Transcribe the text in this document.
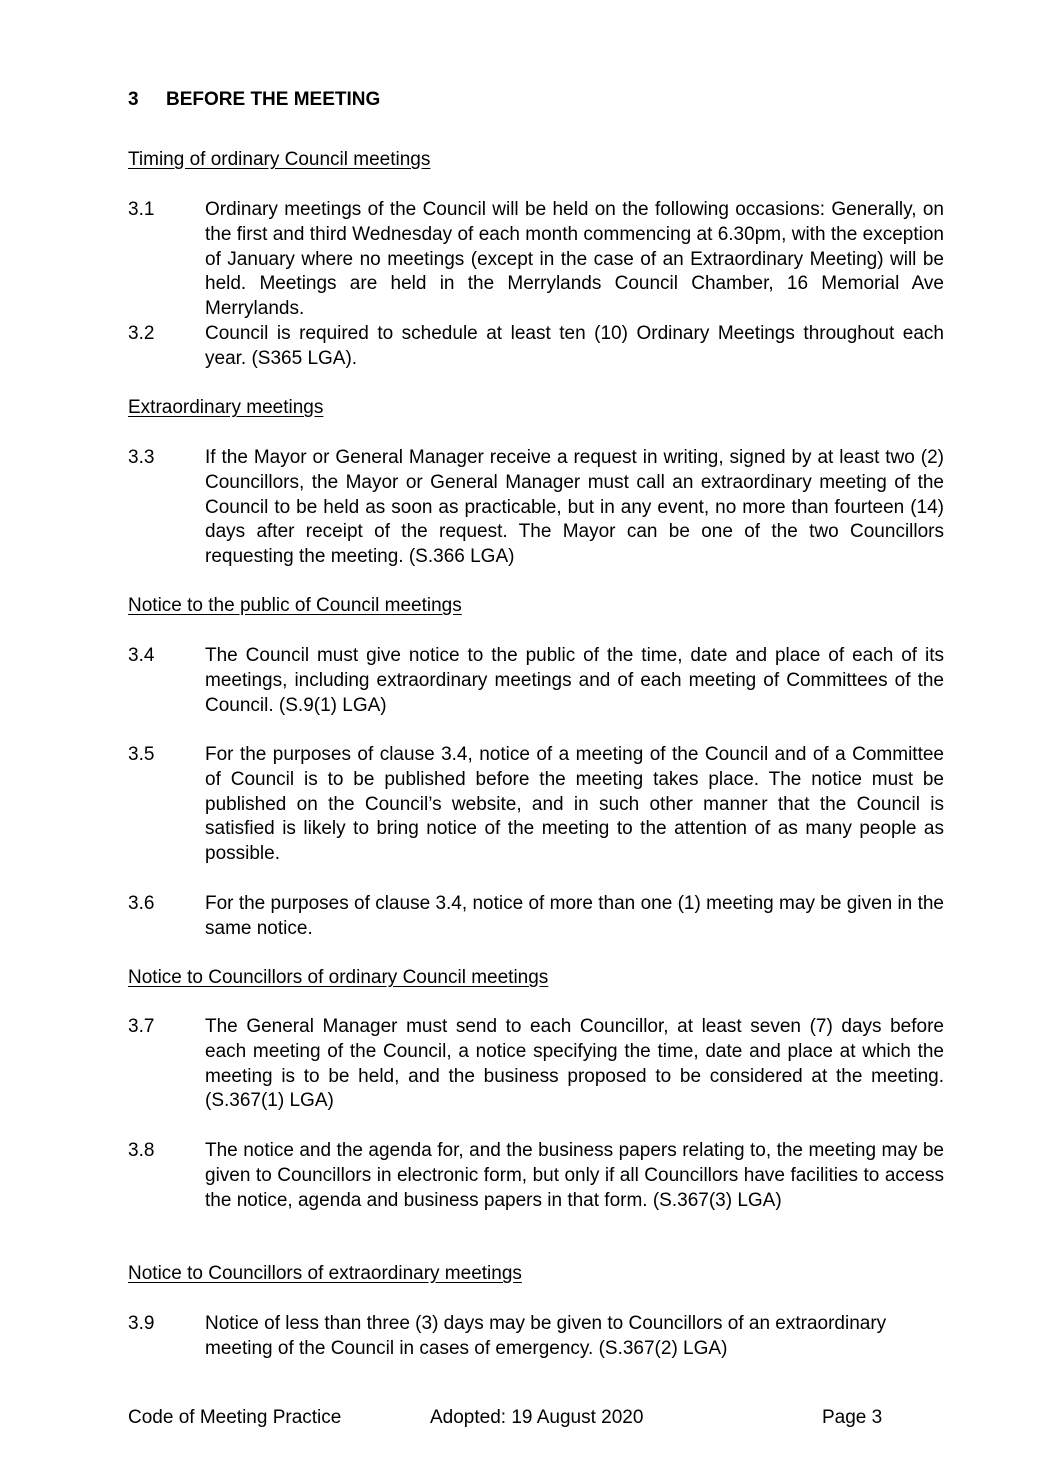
3 BEFORE THE MEETING
Timing of ordinary Council meetings
3.1	Ordinary meetings of the Council will be held on the following occasions: Generally, on the first and third Wednesday of each month commencing at 6.30pm, with the exception of January where no meetings (except in the case of an Extraordinary Meeting) will be held. Meetings are held in the Merrylands Council Chamber, 16 Memorial Ave Merrylands.
3.2	Council is required to schedule at least ten (10) Ordinary Meetings throughout each year. (S365 LGA).
Extraordinary meetings
3.3	If the Mayor or General Manager receive a request in writing, signed by at least two (2) Councillors, the Mayor or General Manager must call an extraordinary meeting of the Council to be held as soon as practicable, but in any event, no more than fourteen (14) days after receipt of the request. The Mayor can be one of the two Councillors requesting the meeting. (S.366 LGA)
Notice to the public of Council meetings
3.4	The Council must give notice to the public of the time, date and place of each of its meetings, including extraordinary meetings and of each meeting of Committees of the Council. (S.9(1) LGA)
3.5	For the purposes of clause 3.4, notice of a meeting of the Council and of a Committee of Council is to be published before the meeting takes place. The notice must be published on the Council’s website, and in such other manner that the Council is satisfied is likely to bring notice of the meeting to the attention of as many people as possible.
3.6	For the purposes of clause 3.4, notice of more than one (1) meeting may be given in the same notice.
Notice to Councillors of ordinary Council meetings
3.7	The General Manager must send to each Councillor, at least seven (7) days before each meeting of the Council, a notice specifying the time, date and place at which the meeting is to be held, and the business proposed to be considered at the meeting. (S.367(1) LGA)
3.8	The notice and the agenda for, and the business papers relating to, the meeting may be given to Councillors in electronic form, but only if all Councillors have facilities to access the notice, agenda and business papers in that form. (S.367(3) LGA)
Notice to Councillors of extraordinary meetings
3.9	Notice of less than three (3) days may be given to Councillors of an extraordinary meeting of the Council in cases of emergency. (S.367(2) LGA)
Code of Meeting Practice	Adopted: 19 August 2020	Page 3
